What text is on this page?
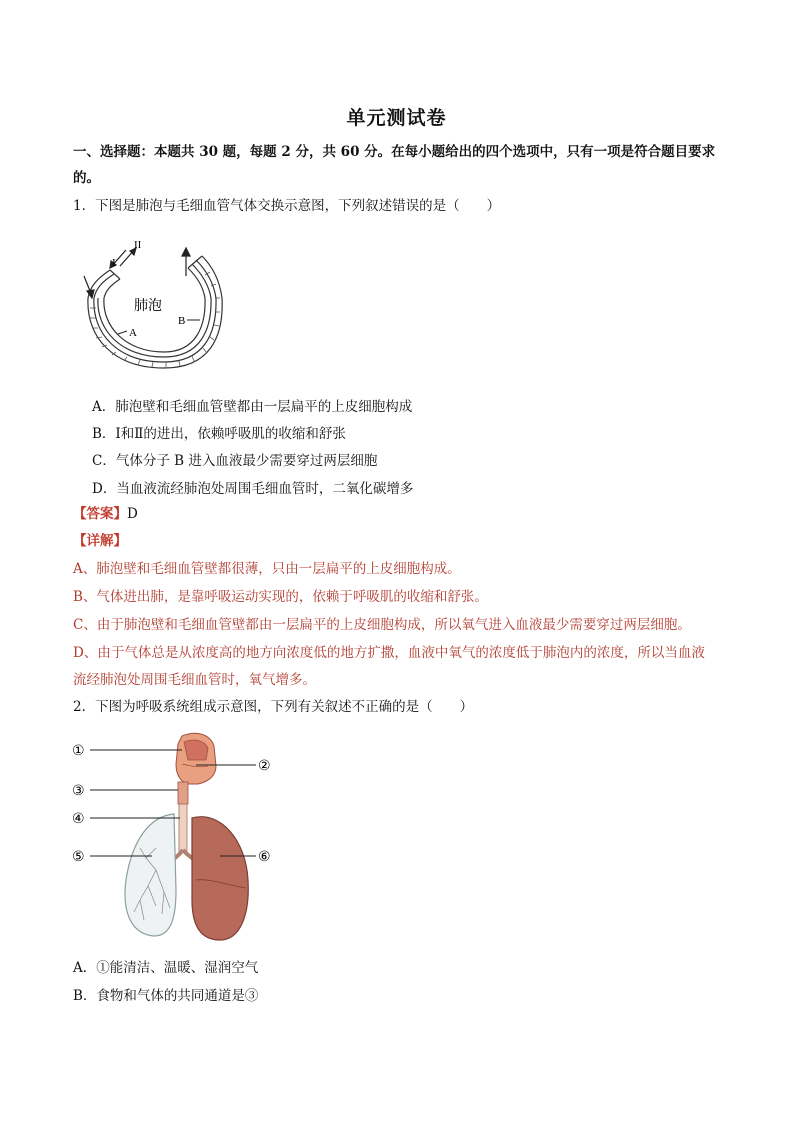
单元测试卷
一、选择题：本题共 30 题，每题 2 分，共 60 分。在每小题给出的四个选项中，只有一项是符合题目要求
的。
1．下图是肺泡与毛细血管气体交换示意图，下列叙述错误的是（　　）
I
II
肺泡
A
B
A．肺泡壁和毛细血管壁都由一层扁平的上皮细胞构成
B．Ⅰ和Ⅱ的进出，依赖呼吸肌的收缩和舒张
C．气体分子 B 进入血液最少需要穿过两层细胞
D．当血液流经肺泡处周围毛细血管时，二氧化碳增多
【答案】D
【详解】
A、肺泡壁和毛细血管壁都很薄，只由一层扁平的上皮细胞构成。
B、气体进出肺，是靠呼吸运动实现的，依赖于呼吸肌的收缩和舒张。
C、由于肺泡壁和毛细血管壁都由一层扁平的上皮细胞构成，所以氧气进入血液最少需要穿过两层细胞。
D、由于气体总是从浓度高的地方向浓度低的地方扩撒，血液中氧气的浓度低于肺泡内的浓度，所以当血液
流经肺泡处周围毛细血管时，氧气增多。
2．下图为呼吸系统组成示意图，下列有关叙述不正确的是（　　）
①
②
③
④
⑤	⑥
A．①能清洁、温暖、湿润空气
B．食物和气体的共同通道是③
